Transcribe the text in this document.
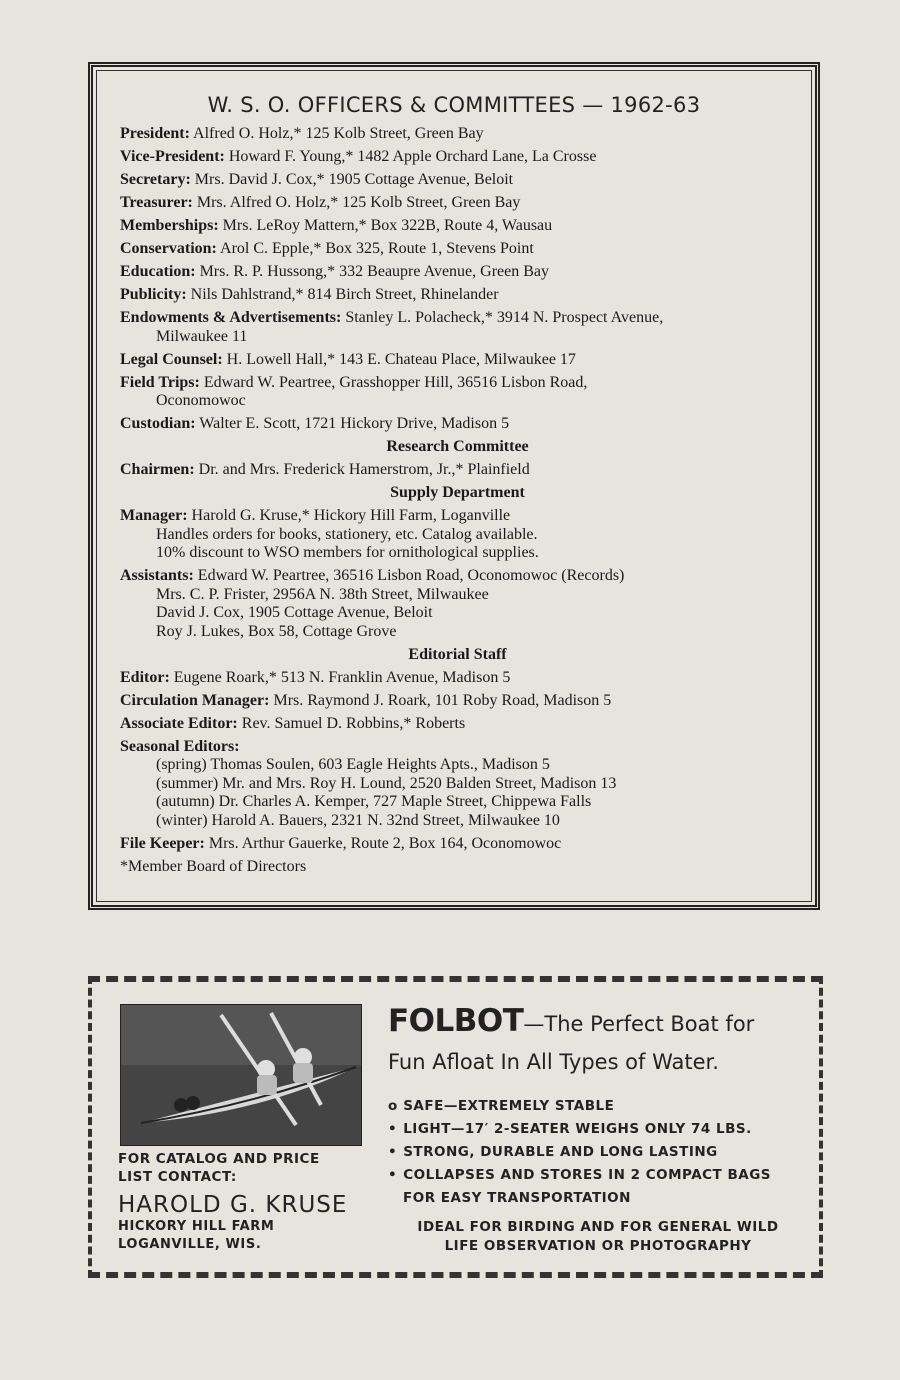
W. S. O. OFFICERS & COMMITTEES — 1962-63
President: Alfred O. Holz,* 125 Kolb Street, Green Bay
Vice-President: Howard F. Young,* 1482 Apple Orchard Lane, La Crosse
Secretary: Mrs. David J. Cox,* 1905 Cottage Avenue, Beloit
Treasurer: Mrs. Alfred O. Holz,* 125 Kolb Street, Green Bay
Memberships: Mrs. LeRoy Mattern,* Box 322B, Route 4, Wausau
Conservation: Arol C. Epple,* Box 325, Route 1, Stevens Point
Education: Mrs. R. P. Hussong,* 332 Beaupre Avenue, Green Bay
Publicity: Nils Dahlstrand,* 814 Birch Street, Rhinelander
Endowments & Advertisements: Stanley L. Polacheck,* 3914 N. Prospect Avenue,
Milwaukee 11
Legal Counsel: H. Lowell Hall,* 143 E. Chateau Place, Milwaukee 17
Field Trips: Edward W. Peartree, Grasshopper Hill, 36516 Lisbon Road,
Oconomowoc
Custodian: Walter E. Scott, 1721 Hickory Drive, Madison 5
Research Committee
Chairmen: Dr. and Mrs. Frederick Hamerstrom, Jr.,* Plainfield
Supply Department
Manager: Harold G. Kruse,* Hickory Hill Farm, Loganville
Handles orders for books, stationery, etc. Catalog available.
10% discount to WSO members for ornithological supplies.
Assistants: Edward W. Peartree, 36516 Lisbon Road, Oconomowoc (Records)
Mrs. C. P. Frister, 2956A N. 38th Street, Milwaukee
David J. Cox, 1905 Cottage Avenue, Beloit
Roy J. Lukes, Box 58, Cottage Grove
Editorial Staff
Editor: Eugene Roark,* 513 N. Franklin Avenue, Madison 5
Circulation Manager: Mrs. Raymond J. Roark, 101 Roby Road, Madison 5
Associate Editor: Rev. Samuel D. Robbins,* Roberts
Seasonal Editors:
(spring) Thomas Soulen, 603 Eagle Heights Apts., Madison 5
(summer) Mr. and Mrs. Roy H. Lound, 2520 Balden Street, Madison 13
(autumn) Dr. Charles A. Kemper, 727 Maple Street, Chippewa Falls
(winter) Harold A. Bauers, 2321 N. 32nd Street, Milwaukee 10
File Keeper: Mrs. Arthur Gauerke, Route 2, Box 164, Oconomowoc
*Member Board of Directors
FOR CATALOG AND PRICE
LIST CONTACT:
HAROLD G. KRUSE
HICKORY HILL FARM
LOGANVILLE, WIS.
FOLBOT—The Perfect Boat for
Fun Afloat In All Types of Water.
o SAFE—EXTREMELY STABLE
• LIGHT—17′ 2-SEATER WEIGHS ONLY 74 LBS.
• STRONG, DURABLE AND LONG LASTING
• COLLAPSES AND STORES IN 2 COMPACT BAGS
FOR EASY TRANSPORTATION
IDEAL FOR BIRDING AND FOR GENERAL WILD
LIFE OBSERVATION OR PHOTOGRAPHY
